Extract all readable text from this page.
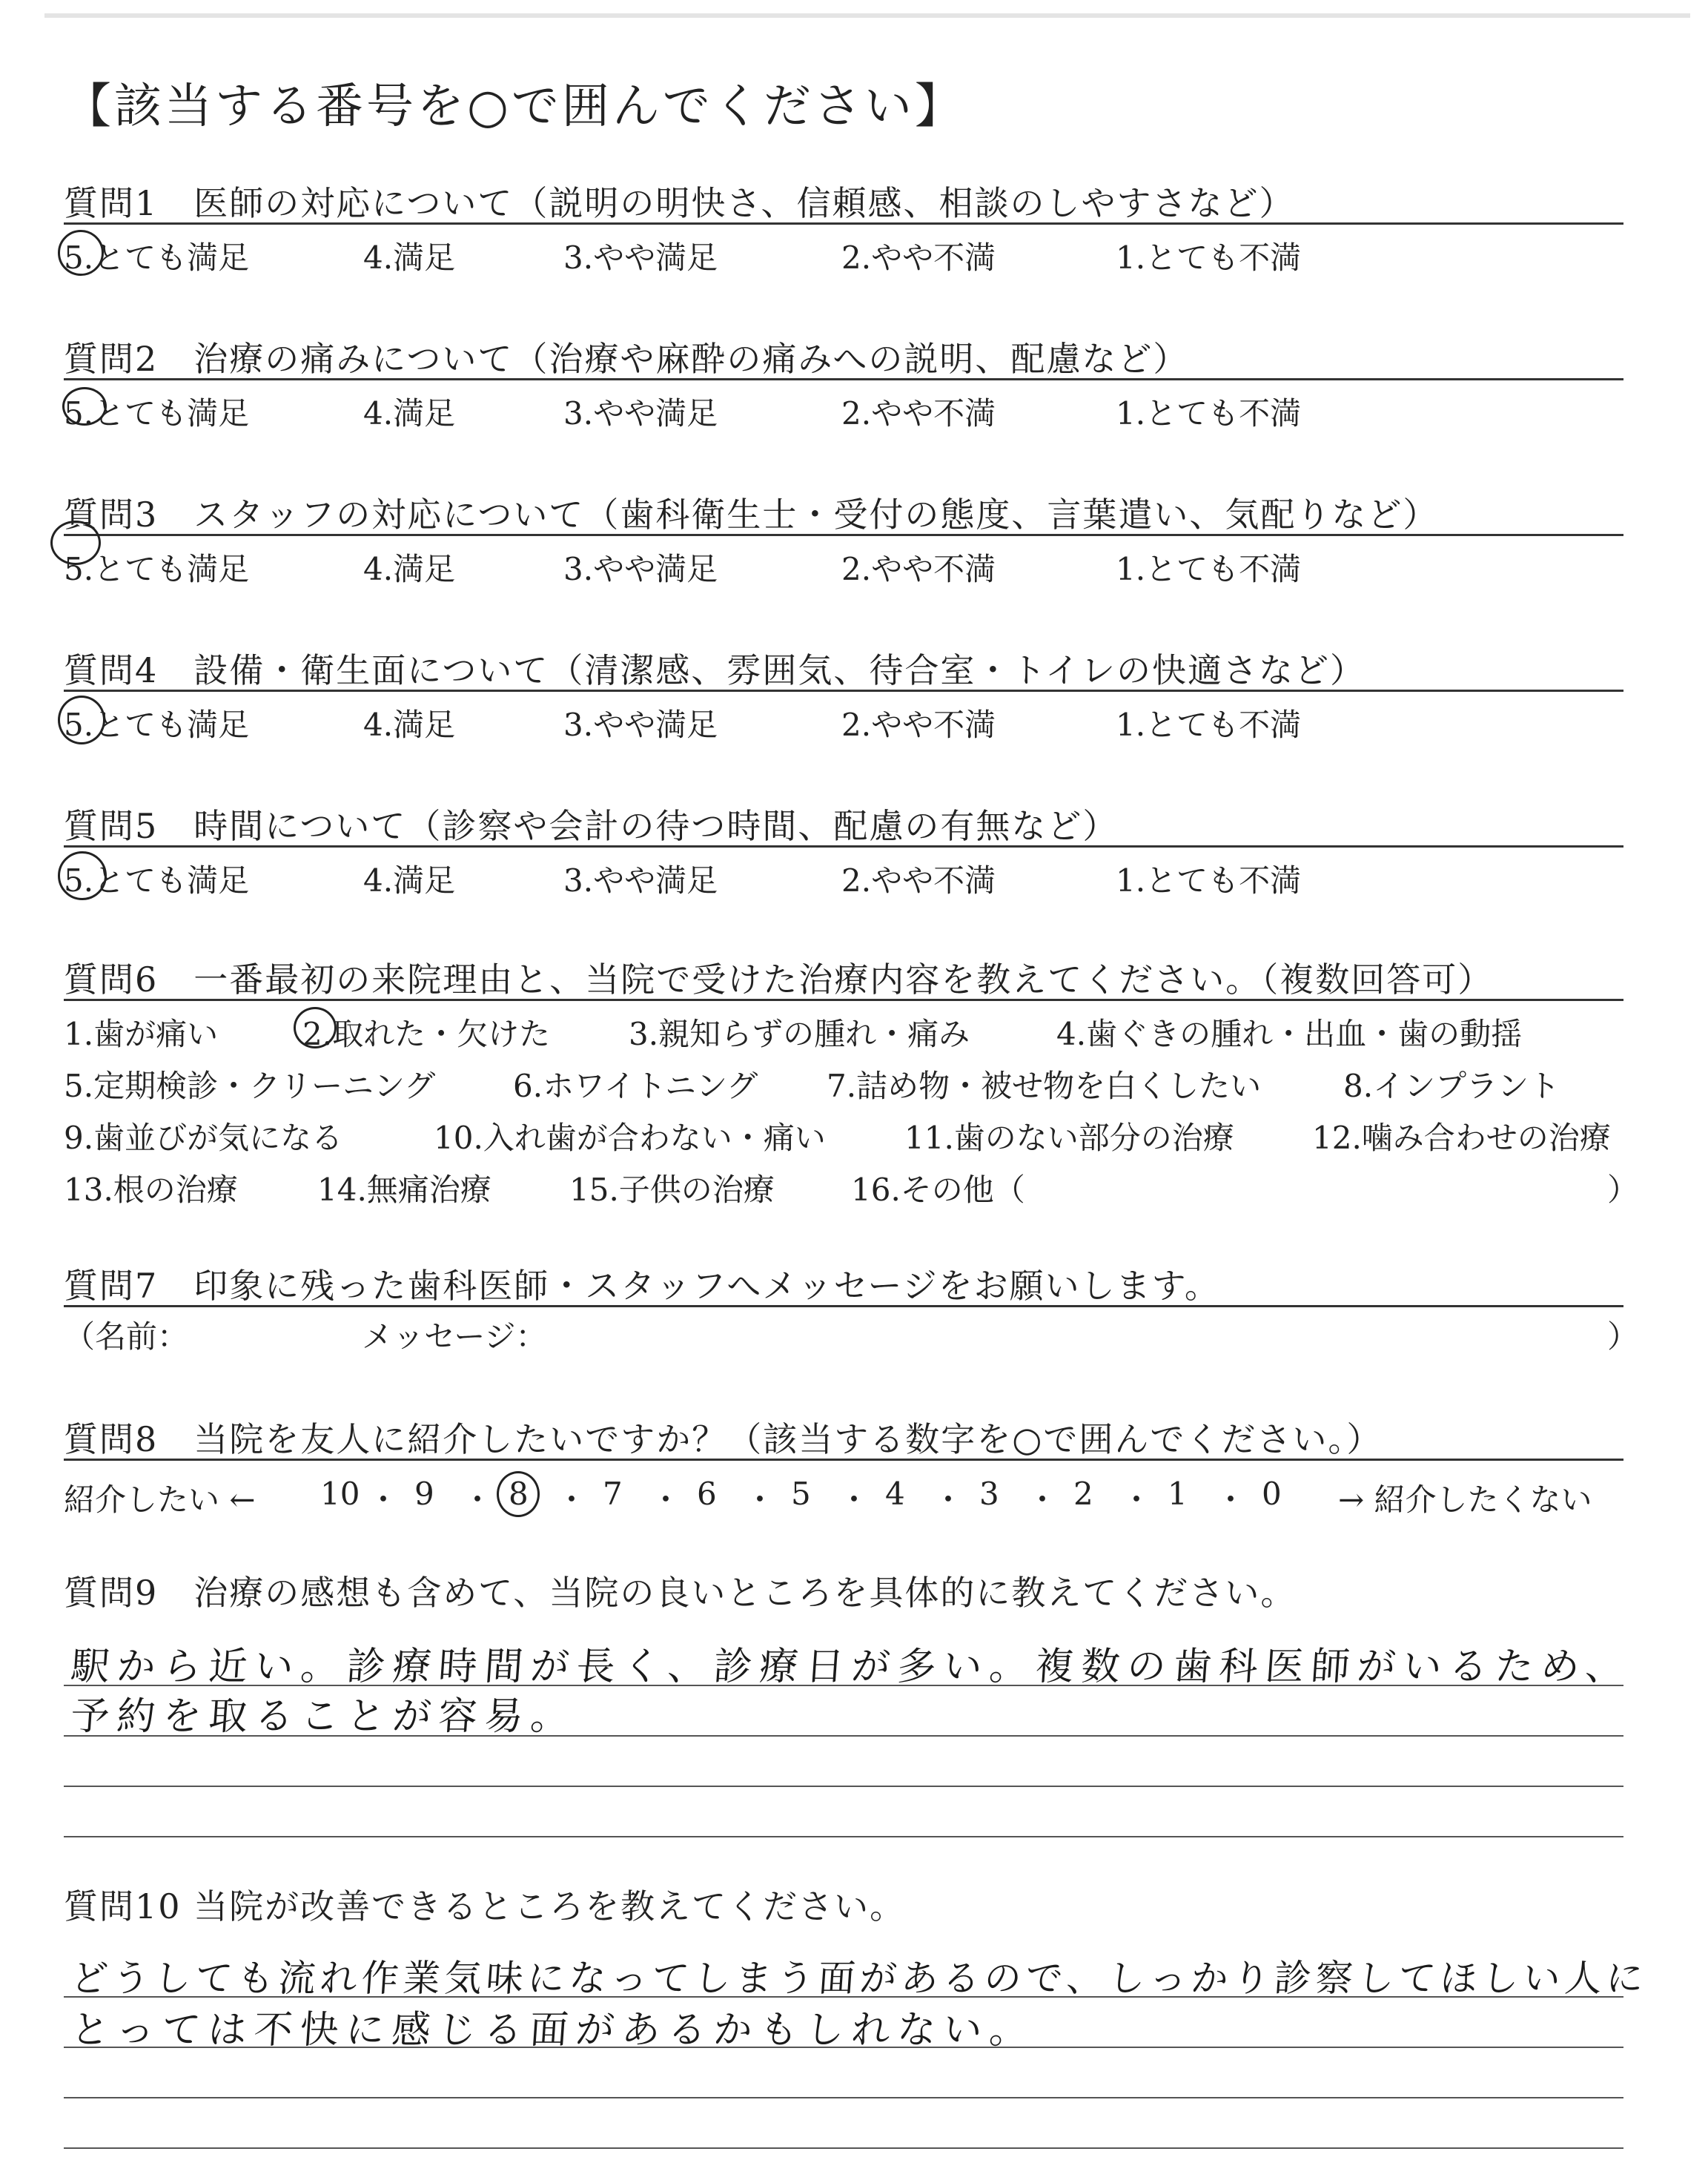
【該当する番号を○で囲んでください】
質問1　医師の対応について（説明の明快さ、信頼感、相談のしやすさなど）
5.とても満足	4.満足	3.やや満足	2.やや不満	1.とても不満
質問2　治療の痛みについて（治療や麻酔の痛みへの説明、配慮など）
5.とても満足	4.満足	3.やや満足	2.やや不満	1.とても不満
質問3　スタッフの対応について（歯科衛生士・受付の態度、言葉遣い、気配りなど）
5.とても満足	4.満足	3.やや満足	2.やや不満	1.とても不満
質問4　設備・衛生面について（清潔感、雰囲気、待合室・トイレの快適さなど）
5.とても満足	4.満足	3.やや満足	2.やや不満	1.とても不満
質問5　時間について（診察や会計の待つ時間、配慮の有無など）
5.とても満足	4.満足	3.やや満足	2.やや不満	1.とても不満
質問6　一番最初の来院理由と、当院で受けた治療内容を教えてください。（複数回答可）
1.歯が痛い	2.取れた・欠けた	3.親知らずの腫れ・痛み	4.歯ぐきの腫れ・出血・歯の動揺
5.定期検診・クリーニング 6.ホワイトニング 7.詰め物・被せ物を白くしたい	8.インプラント
9.歯並びが気になる	10.入れ歯が合わない・痛い	11.歯のない部分の治療	12.噛み合わせの治療
13.根の治療	14.無痛治療	15.子供の治療 16.その他（	）
質問7　印象に残った歯科医師・スタッフへメッセージをお願いします。
（名前：	メッセージ：	）
質問8　当院を友人に紹介したいですか？（該当する数字を○で囲んでください。）
紹介したい ← 10 ・ 9 ・ 8 ・ 7 ・ 6 ・ 5 ・ 4 ・ 3 ・ 2 ・ 1 ・ 0 → 紹介したくない
質問9　治療の感想も含めて、当院の良いところを具体的に教えてください。
駅から近い。診療時間が長く、診療日が多い。複数の歯科医師がいるため、
予約を取ることが容易。
質問10 当院が改善できるところを教えてください。
どうしても流れ作業気味になってしまう面があるので、しっかり診察してほしい人に
とっては不快に感じる面があるかもしれない。
